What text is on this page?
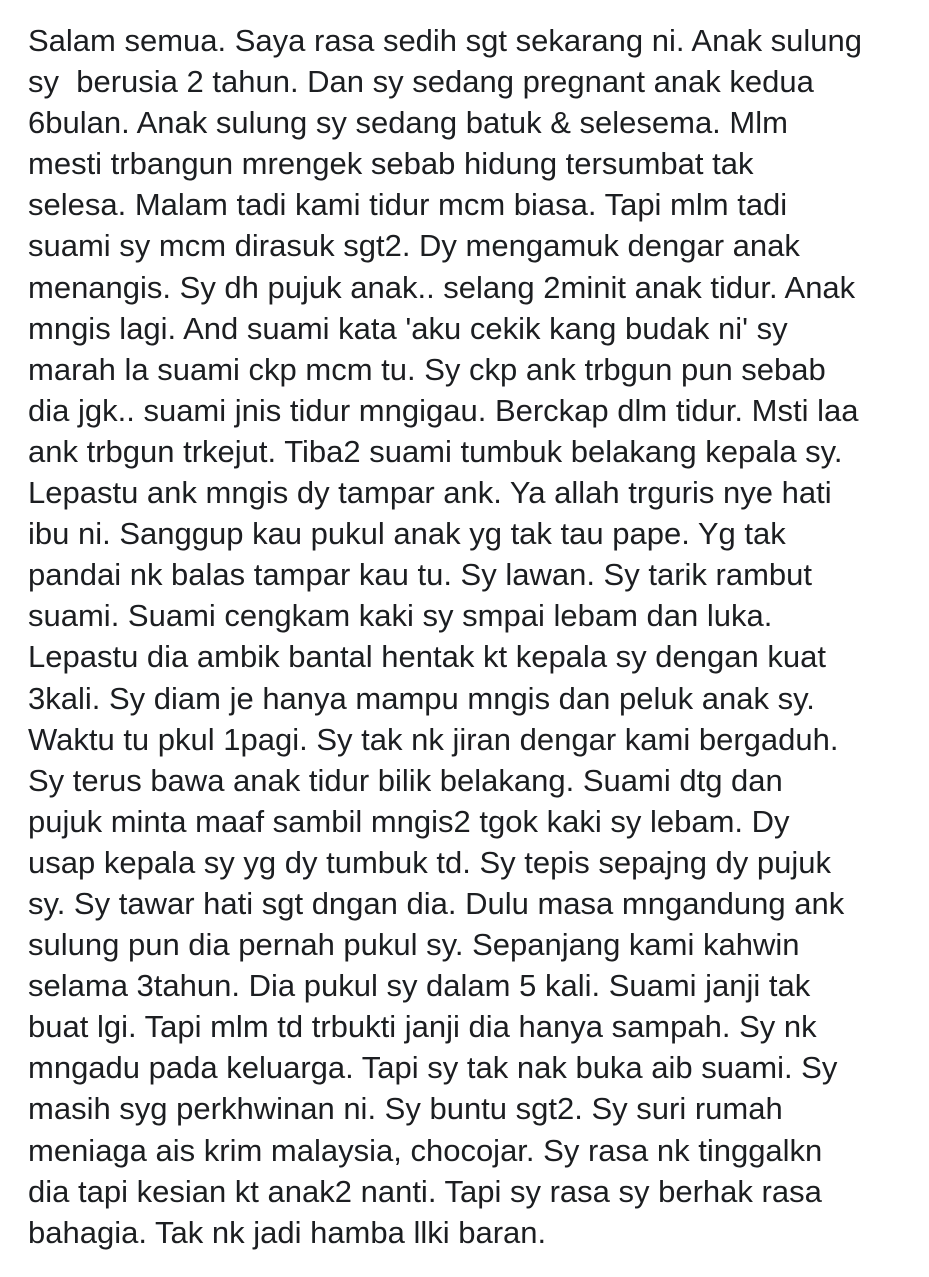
Salam semua. Saya rasa sedih sgt sekarang ni. Anak sulung
sy  berusia 2 tahun. Dan sy sedang pregnant anak kedua
6bulan. Anak sulung sy sedang batuk & selesema. Mlm
mesti trbangun mrengek sebab hidung tersumbat tak
selesa. Malam tadi kami tidur mcm biasa. Tapi mlm tadi
suami sy mcm dirasuk sgt2. Dy mengamuk dengar anak
menangis. Sy dh pujuk anak.. selang 2minit anak tidur. Anak
mngis lagi. And suami kata 'aku cekik kang budak ni' sy
marah la suami ckp mcm tu. Sy ckp ank trbgun pun sebab
dia jgk.. suami jnis tidur mngigau. Berckap dlm tidur. Msti laa
ank trbgun trkejut. Tiba2 suami tumbuk belakang kepala sy.
Lepastu ank mngis dy tampar ank. Ya allah trguris nye hati
ibu ni. Sanggup kau pukul anak yg tak tau pape. Yg tak
pandai nk balas tampar kau tu. Sy lawan. Sy tarik rambut
suami. Suami cengkam kaki sy smpai lebam dan luka.
Lepastu dia ambik bantal hentak kt kepala sy dengan kuat
3kali. Sy diam je hanya mampu mngis dan peluk anak sy.
Waktu tu pkul 1pagi. Sy tak nk jiran dengar kami bergaduh.
Sy terus bawa anak tidur bilik belakang. Suami dtg dan
pujuk minta maaf sambil mngis2 tgok kaki sy lebam. Dy
usap kepala sy yg dy tumbuk td. Sy tepis sepajng dy pujuk
sy. Sy tawar hati sgt dngan dia. Dulu masa mngandung ank
sulung pun dia pernah pukul sy. Sepanjang kami kahwin
selama 3tahun. Dia pukul sy dalam 5 kali. Suami janji tak
buat lgi. Tapi mlm td trbukti janji dia hanya sampah. Sy nk
mngadu pada keluarga. Tapi sy tak nak buka aib suami. Sy
masih syg perkhwinan ni. Sy buntu sgt2. Sy suri rumah
meniaga ais krim malaysia, chocojar. Sy rasa nk tinggalkn
dia tapi kesian kt anak2 nanti. Tapi sy rasa sy berhak rasa
bahagia. Tak nk jadi hamba llki baran.
